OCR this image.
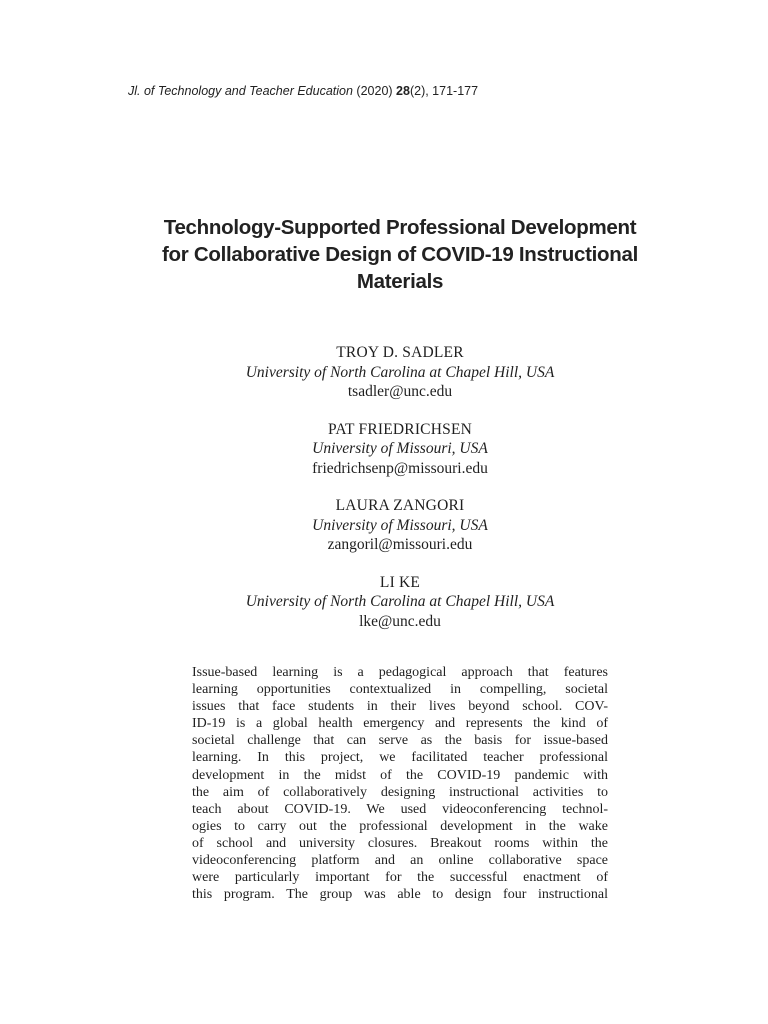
Jl. of Technology and Teacher Education (2020) 28(2), 171-177
Technology-Supported Professional Development
for Collaborative Design of COVID-19 Instructional
Materials
TROY D. SADLER
University of North Carolina at Chapel Hill, USA
tsadler@unc.edu
PAT FRIEDRICHSEN
University of Missouri, USA
friedrichsenp@missouri.edu
LAURA ZANGORI
University of Missouri, USA
zangoril@missouri.edu
LI KE
University of North Carolina at Chapel Hill, USA
lke@unc.edu
Issue-based learning is a pedagogical approach that features
learning opportunities contextualized in compelling, societal
issues that face students in their lives beyond school. COV-
ID-19 is a global health emergency and represents the kind of
societal challenge that can serve as the basis for issue-based
learning. In this project, we facilitated teacher professional
development in the midst of the COVID-19 pandemic with
the aim of collaboratively designing instructional activities to
teach about COVID-19. We used videoconferencing technol-
ogies to carry out the professional development in the wake
of school and university closures. Breakout rooms within the
videoconferencing platform and an online collaborative space
were particularly important for the successful enactment of
this program. The group was able to design four instructional
